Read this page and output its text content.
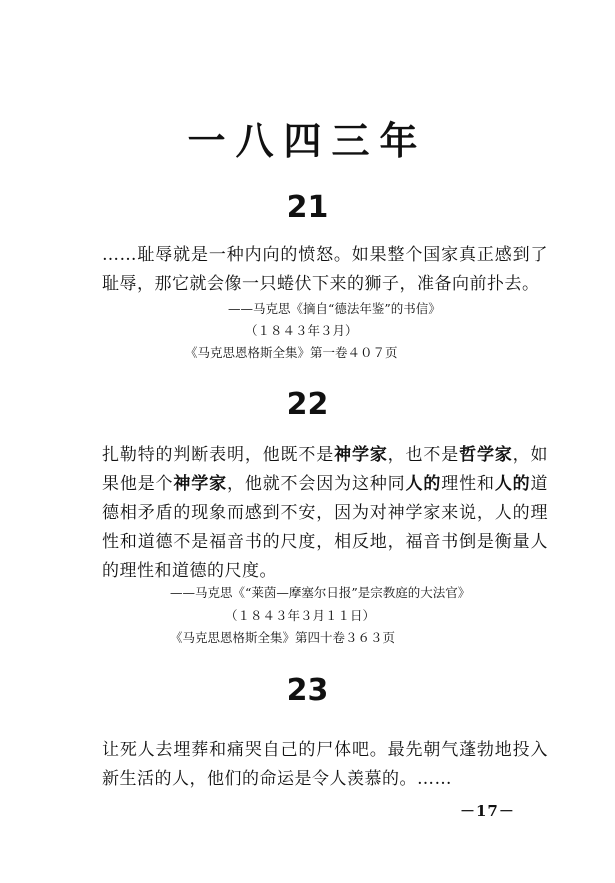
一八四三年
21
……耻辱就是一种内向的愤怒。如果整个国家真正感到了耻辱，那它就会像一只蜷伏下来的狮子，准备向前扑去。
——马克思《摘自“德法年鉴”的书信》
（１８４３年３月）
《马克思恩格斯全集》第一卷４０７页
22
扎勒特的判断表明，他既不是神学家，也不是哲学家，如果他是个神学家，他就不会因为这种同人的理性和人的道德相矛盾的现象而感到不安，因为对神学家来说，人的理性和道德不是福音书的尺度，相反地，福音书倒是衡量人的理性和道德的尺度。
——马克思《“莱茵—摩塞尔日报”是宗教庭的大法官》
（１８４３年３月１１日）
《马克思恩格斯全集》第四十卷３６３页
23
让死人去埋葬和痛哭自己的尸体吧。最先朝气蓬勃地投入新生活的人，他们的命运是令人羡慕的。……
－17－
